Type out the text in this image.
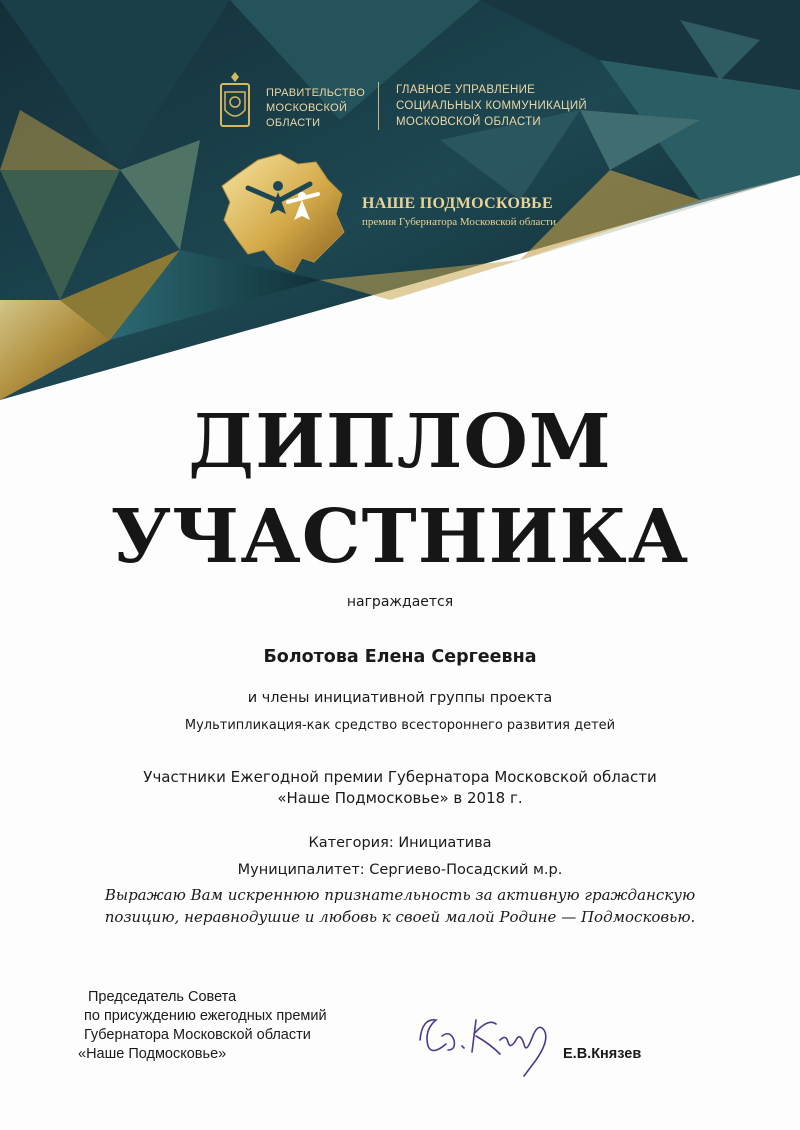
ПРАВИТЕЛЬСТВО
МОСКОВСКОЙ
ОБЛАСТИ
ГЛАВНОЕ УПРАВЛЕНИЕ
СОЦИАЛЬНЫХ КОММУНИКАЦИЙ
МОСКОВСКОЙ ОБЛАСТИ
НАШЕ ПОДМОСКОВЬЕ
премия Губернатора Московской области
ДИПЛОМ
УЧАСТНИКА
награждается
Болотова Елена Сергеевна
и члены инициативной группы проекта
Мультипликация-как средство всестороннего развития детей
Участники Ежегодной премии Губернатора Московской области
«Наше Подмосковье» в 2018 г.
Категория: Инициатива
Муниципалитет: Сергиево-Посадский м.р.
Выражаю Вам искреннюю признательность за активную гражданскую
позицию, неравнодушие и любовь к своей малой Родине — Подмосковью.
Председатель Совета
по присуждению ежегодных премий
Губернатора Московской области
«Наше Подмосковье»	Е.В.Князев
